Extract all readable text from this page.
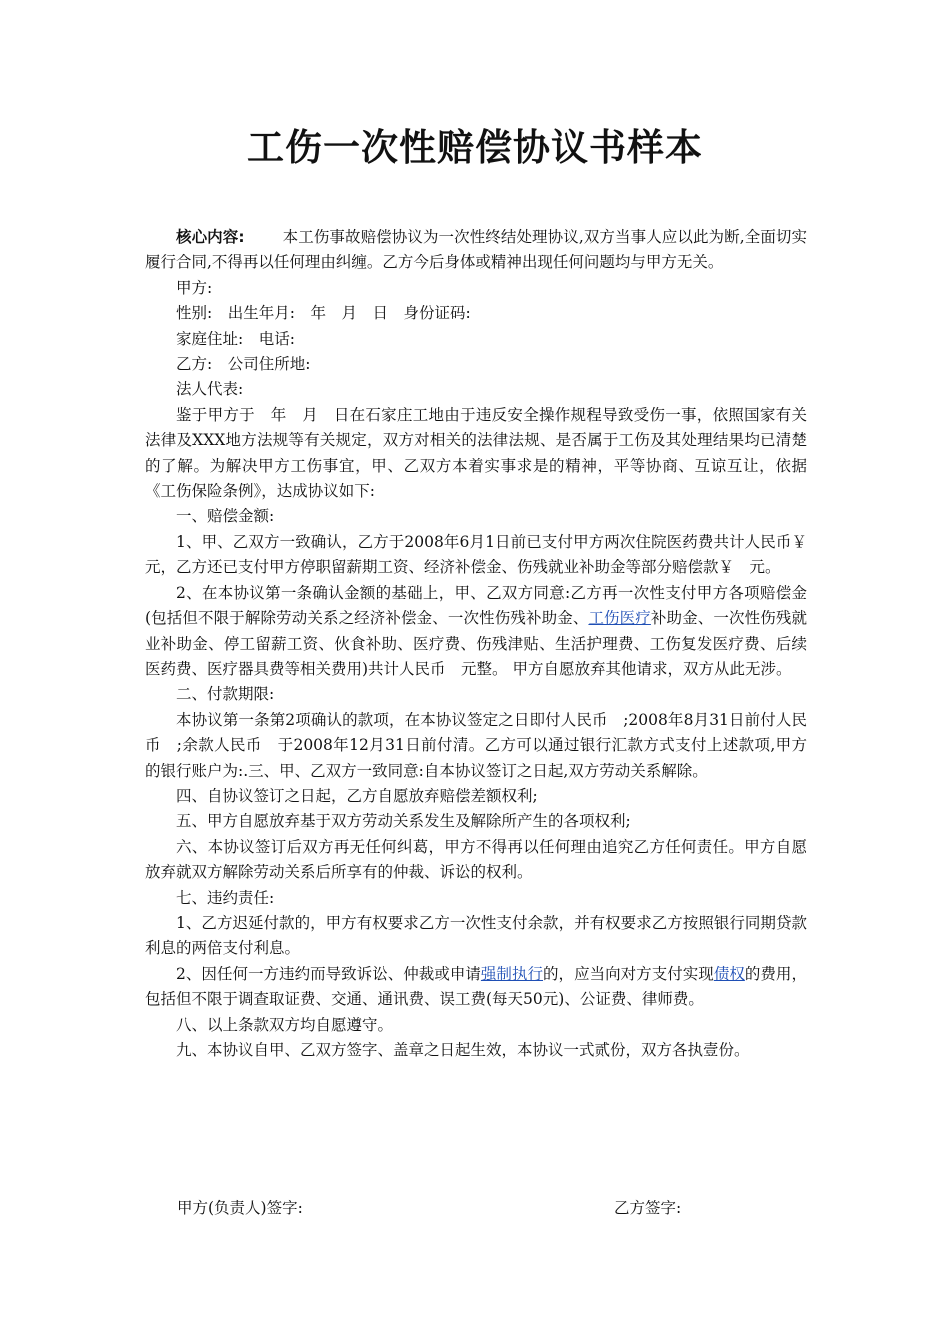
工伤一次性赔偿协议书样本

核心内容: 本工伤事故赔偿协议为一次性终结处理协议,双方当事人应以此为断,全面切实履行合同,不得再以任何理由纠缠。乙方今后身体或精神出现任何问题均与甲方无关。

甲方:

性别:　出生年月:　年　月　日　身份证码:

家庭住址:　电话:

乙方:　公司住所地:

法人代表:

鉴于甲方于　年　月　日在石家庄工地由于违反安全操作规程导致受伤一事，依照国家有关法律及XXX地方法规等有关规定，双方对相关的法律法规、是否属于工伤及其处理结果均已清楚的了解。为解决甲方工伤事宜，甲、乙双方本着实事求是的精神，平等协商、互谅互让，依据《工伤保险条例》，达成协议如下:

一、赔偿金额:

1、甲、乙双方一致确认，乙方于2008年6月1日前已支付甲方两次住院医药费共计人民币￥　元，乙方还已支付甲方停职留薪期工资、经济补偿金、伤残就业补助金等部分赔偿款￥　元。

2、在本协议第一条确认金额的基础上，甲、乙双方同意:乙方再一次性支付甲方各项赔偿金(包括但不限于解除劳动关系之经济补偿金、一次性伤残补助金、工伤医疗补助金、一次性伤残就业补助金、停工留薪工资、伙食补助、医疗费、伤残津贴、生活护理费、工伤复发医疗费、后续医药费、医疗器具费等相关费用)共计人民币　元整。 甲方自愿放弃其他请求，双方从此无涉。

二、付款期限:

本协议第一条第2项确认的款项，在本协议签定之日即付人民币　;2008年8月31日前付人民币　;余款人民币　于2008年12月31日前付清。乙方可以通过银行汇款方式支付上述款项,甲方的银行账户为:.三、甲、乙双方一致同意:自本协议签订之日起,双方劳动关系解除。

四、自协议签订之日起，乙方自愿放弃赔偿差额权利;

五、甲方自愿放弃基于双方劳动关系发生及解除所产生的各项权利;

六、本协议签订后双方再无任何纠葛，甲方不得再以任何理由追究乙方任何责任。甲方自愿放弃就双方解除劳动关系后所享有的仲裁、诉讼的权利。

七、违约责任:

1、乙方迟延付款的，甲方有权要求乙方一次性支付余款，并有权要求乙方按照银行同期贷款利息的两倍支付利息。

2、因任何一方违约而导致诉讼、仲裁或申请强制执行的，应当向对方支付实现债权的费用，包括但不限于调查取证费、交通、通讯费、误工费(每天50元)、公证费、律师费。

八、以上条款双方均自愿遵守。

九、本协议自甲、乙双方签字、盖章之日起生效，本协议一式贰份，双方各执壹份。

甲方(负责人)签字:	乙方签字:
